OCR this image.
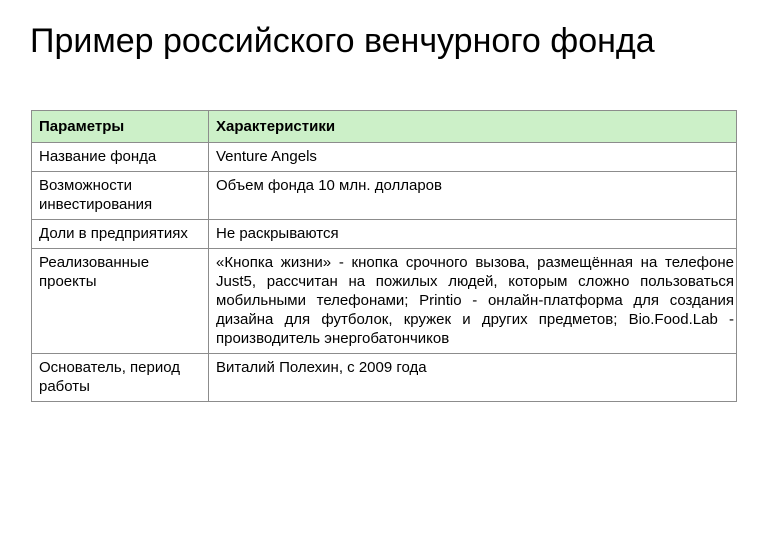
Пример российского венчурного фонда
Параметры	Характеристики
Название фонда	Venture Angels
Возможности инвестирования	Объем фонда 10 млн. долларов
Доли в предприятиях	Не раскрываются
Реализованные проекты	«Кнопка жизни» - кнопка срочного вызова, размещённая на телефоне Just5, рассчитан на пожилых людей, которым сложно пользоваться мобильными телефонами; Printio - онлайн-платформа для создания дизайна для футболок, кружек и других предметов; Bio.Food.Lab - производитель энергобатончиков
Основатель, период работы	Виталий Полехин, с 2009 года
